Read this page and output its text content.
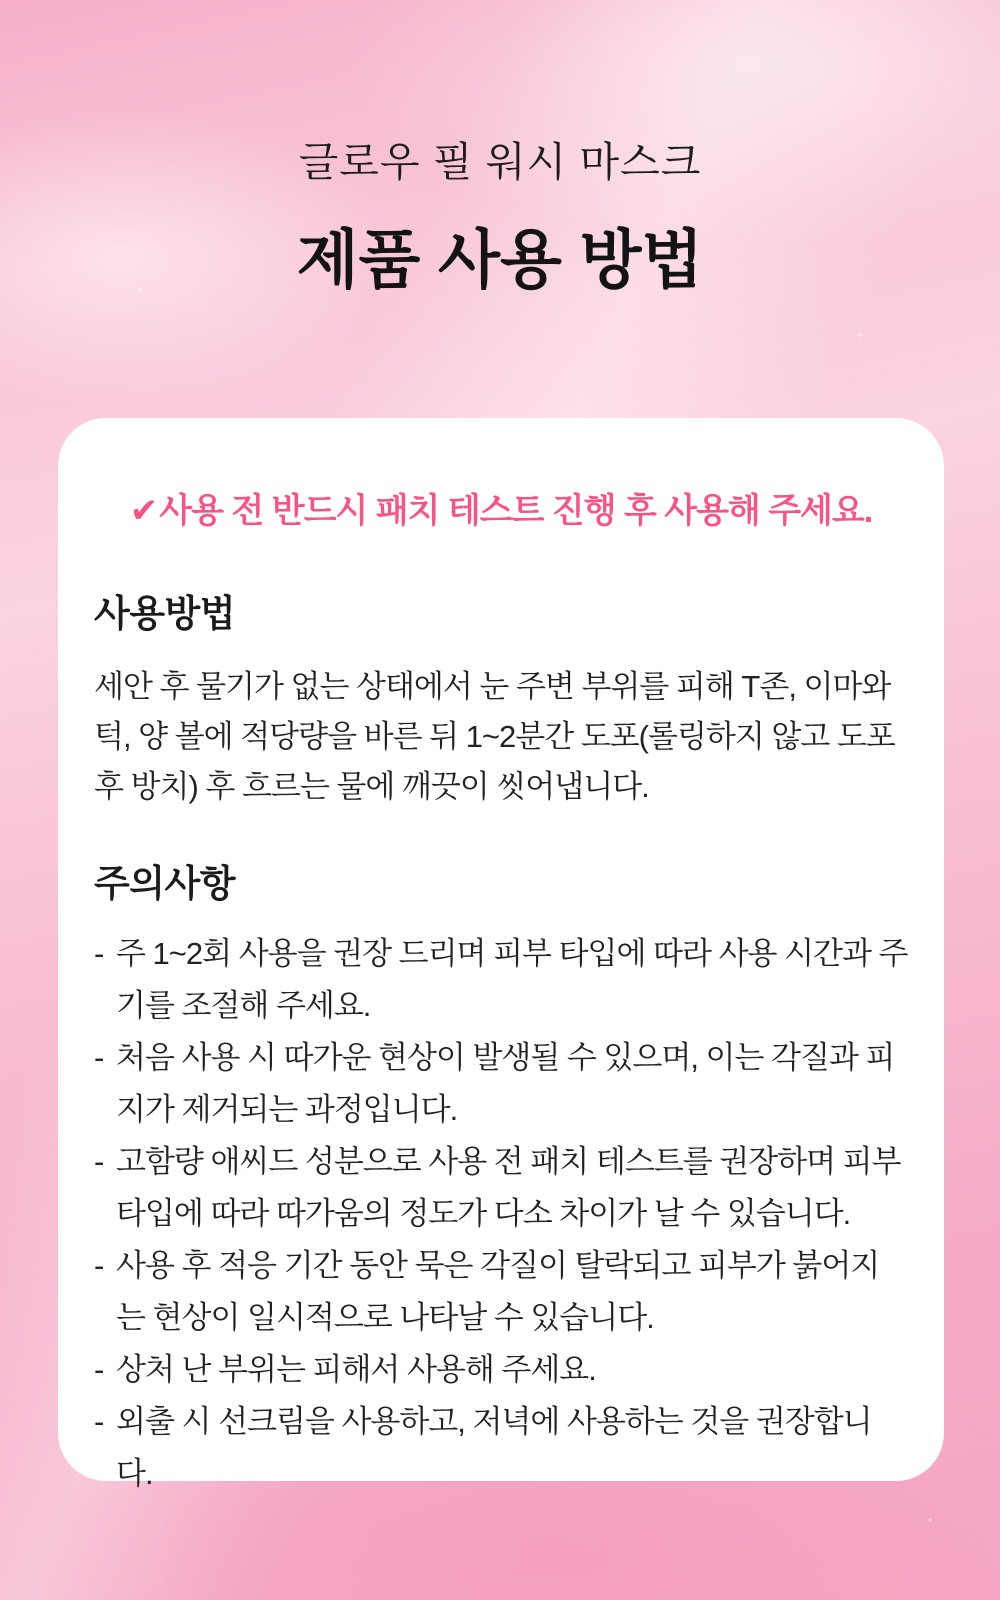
글로우 필 워시 마스크
제품 사용 방법
✔사용 전 반드시 패치 테스트 진행 후 사용해 주세요.
사용방법

세안 후 물기가 없는 상태에서 눈 주변 부위를 피해 T존, 이마와 턱, 양 볼에 적당량을 바른 뒤 1~2분간 도포(롤링하지 않고 도포 후 방치) 후 흐르는 물에 깨끗이 씻어냅니다.

주의사항
- 주 1~2회 사용을 권장 드리며 피부 타입에 따라 사용 시간과 주기를 조절해 주세요.
- 처음 사용 시 따가운 현상이 발생될 수 있으며, 이는 각질과 피지가 제거되는 과정입니다.
- 고함량 애씨드 성분으로 사용 전 패치 테스트를 권장하며 피부 타입에 따라 따가움의 정도가 다소 차이가 날 수 있습니다.
- 사용 후 적응 기간 동안 묵은 각질이 탈락되고 피부가 붉어지는 현상이 일시적으로 나타날 수 있습니다.
- 상처 난 부위는 피해서 사용해 주세요.
- 외출 시 선크림을 사용하고, 저녁에 사용하는 것을 권장합니다.
